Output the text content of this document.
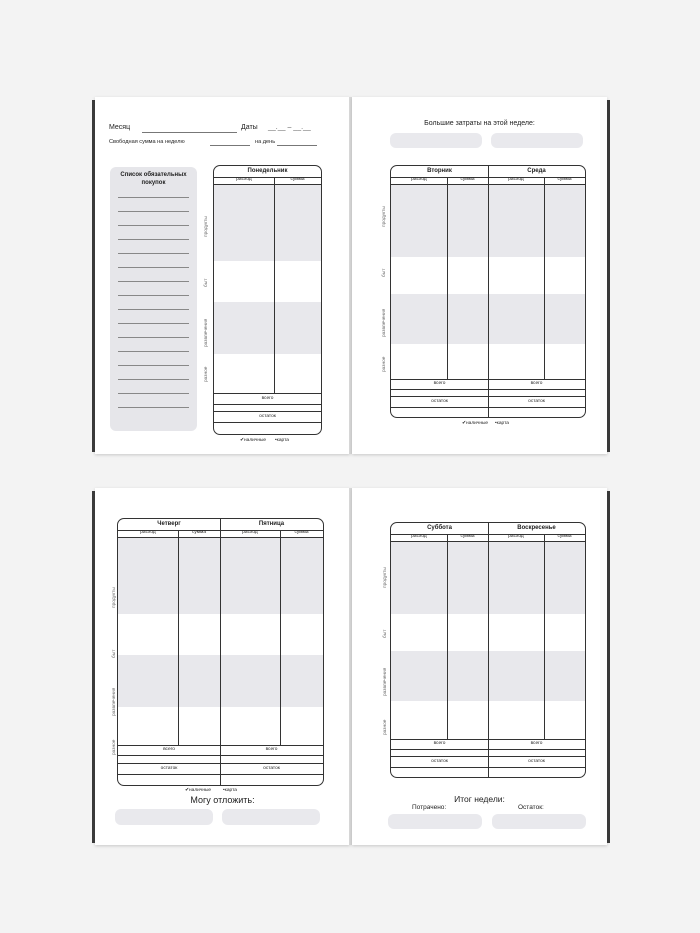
Месяц	Даты __.__ – __.__
Свободная сумма на неделю	на день
Список обязательных покупок
продукты
быт
развлечения
разное
Понедельник
расход	сумма
всего
остаток
✔наличные •карта
Большие затраты на этой неделе:
продукты
быт
развлечения
разное
Вторник	Среда
расход	сумма	расход	сумма
всего	всего
остаток	остаток
✔наличные •карта
продукты
быт
развлечения
разное
Четверг	Пятница
расход	сумма	расход	сумма
всего	всего
остаток	остаток
✔наличные •карта
Могу отложить:
продукты
быт
развлечения
разное
Суббота	Воскресенье
расход	сумма	расход	сумма
всего	всего
остаток	остаток
Итог недели:
Потрачено:	Остаток:
